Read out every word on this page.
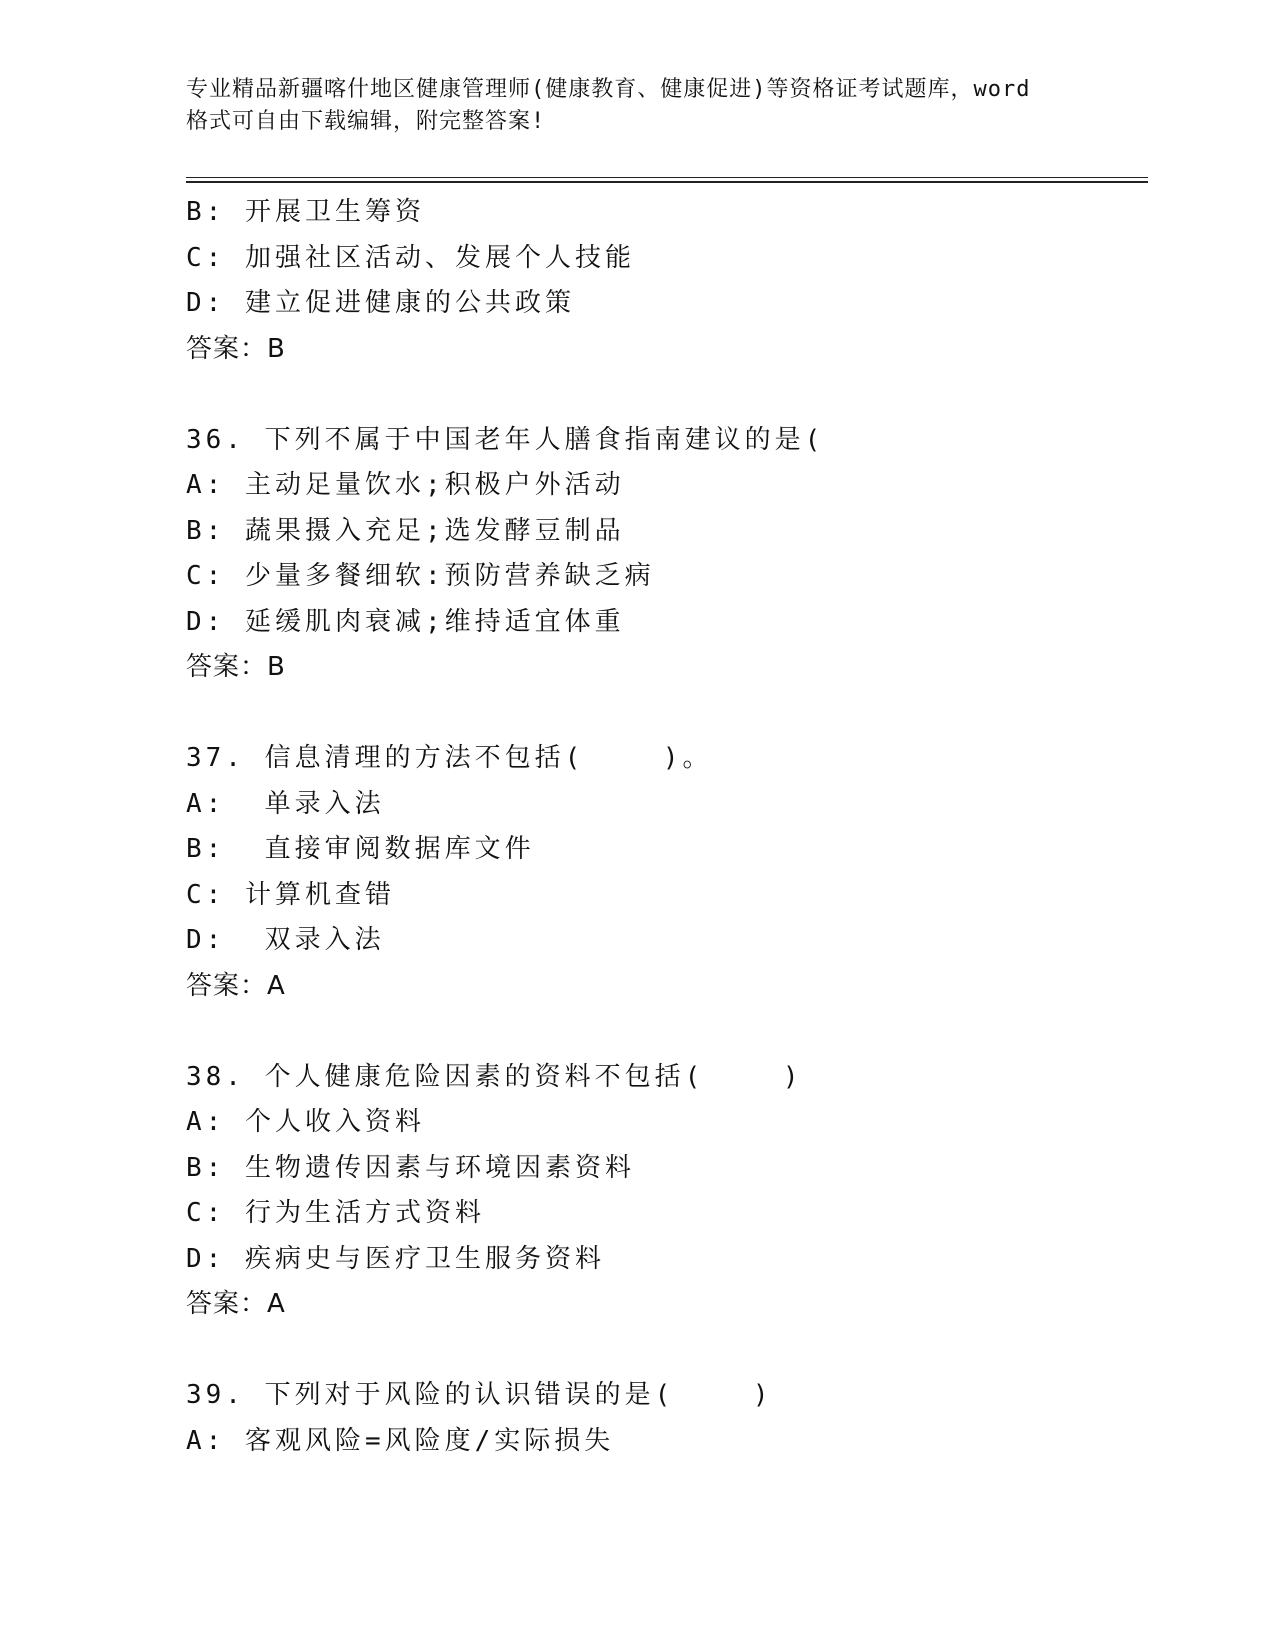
专业精品新疆喀什地区健康管理师(健康教育、健康促进)等资格证考试题库，word
格式可自由下载编辑，附完整答案!
B: 开展卫生筹资
C: 加强社区活动、发展个人技能
D: 建立促进健康的公共政策
答案：B
36. 下列不属于中国老年人膳食指南建议的是(
A: 主动足量饮水;积极户外活动
B: 蔬果摄入充足;选发酵豆制品
C: 少量多餐细软:预防营养缺乏病
D: 延缓肌肉衰减;维持适宜体重
答案：B
37. 信息清理的方法不包括(    )。
A:  单录入法
B:  直接审阅数据库文件
C: 计算机查错
D:  双录入法
答案：A
38. 个人健康危险因素的资料不包括(    )
A: 个人收入资料
B: 生物遗传因素与环境因素资料
C: 行为生活方式资料
D: 疾病史与医疗卫生服务资料
答案：A
39. 下列对于风险的认识错误的是(    )
A: 客观风险=风险度/实际损失
